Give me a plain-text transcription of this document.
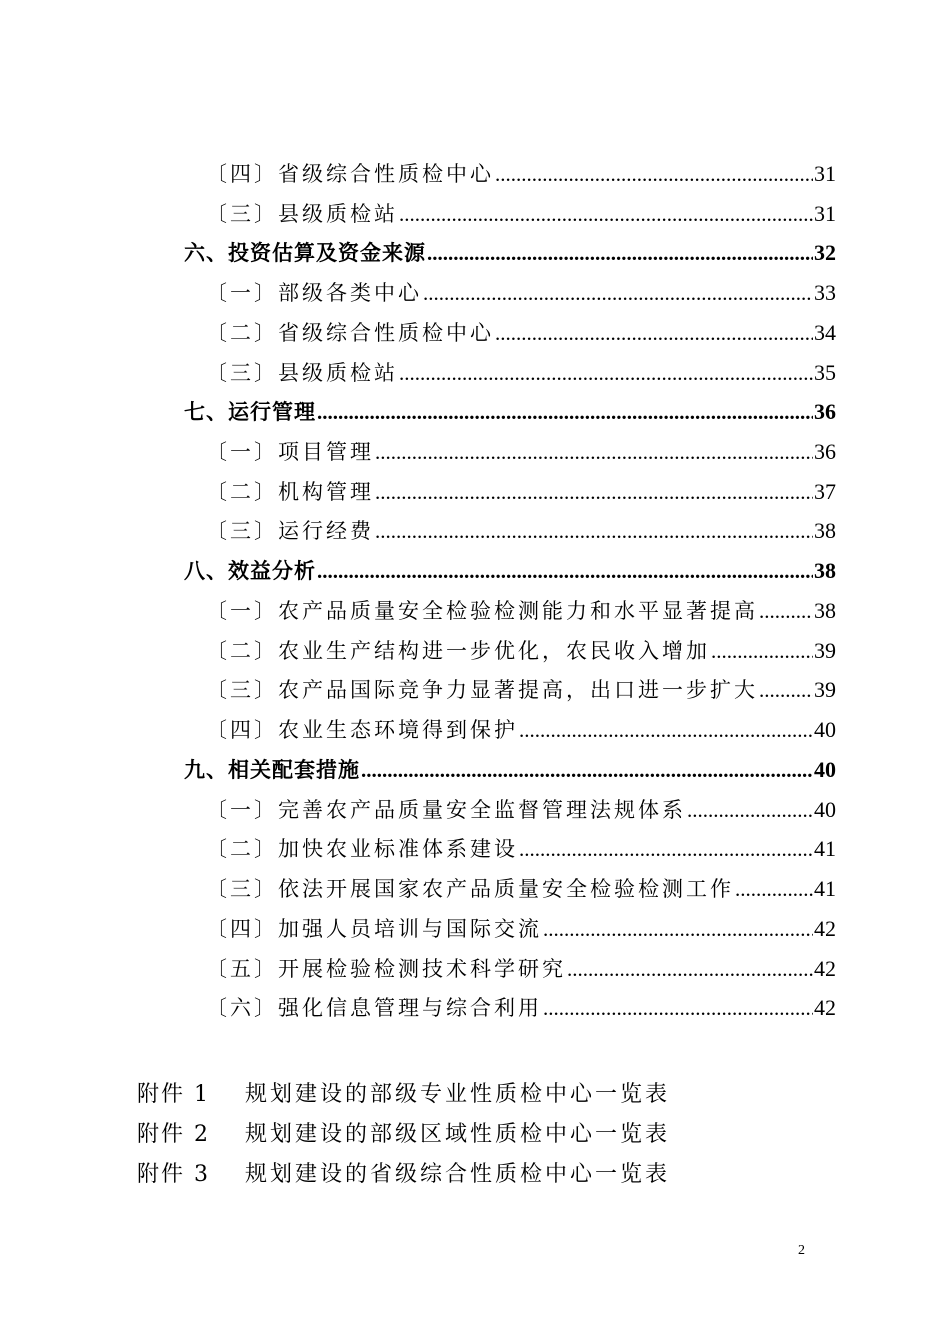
〔四〕省级综合性质检中心 .....	31
〔三〕县级质检站 .....	31
六、投资估算及资金来源 .....	32
〔一〕部级各类中心 .....	33
〔二〕省级综合性质检中心 .....	34
〔三〕县级质检站 .....	35
七、运行管理 .....	36
〔一〕项目管理 .....	36
〔二〕机构管理 .....	37
〔三〕运行经费 .....	38
八、效益分析 .....	38
〔一〕农产品质量安全检验检测能力和水平显著提高 .....	38
〔二〕农业生产结构进一步优化，农民收入增加 .....	39
〔三〕农产品国际竞争力显著提高，出口进一步扩大 .....	39
〔四〕农业生态环境得到保护 .....	40
九、相关配套措施 .....	40
〔一〕完善农产品质量安全监督管理法规体系 .....	40
〔二〕加快农业标准体系建设 .....	41
〔三〕依法开展国家农产品质量安全检验检测工作 .....	41
〔四〕加强人员培训与国际交流 .....	42
〔五〕开展检验检测技术科学研究 .....	42
〔六〕强化信息管理与综合利用 .....	42
附件 1	规划建设的部级专业性质检中心一览表
附件 2	规划建设的部级区域性质检中心一览表
附件 3	规划建设的省级综合性质检中心一览表
2
